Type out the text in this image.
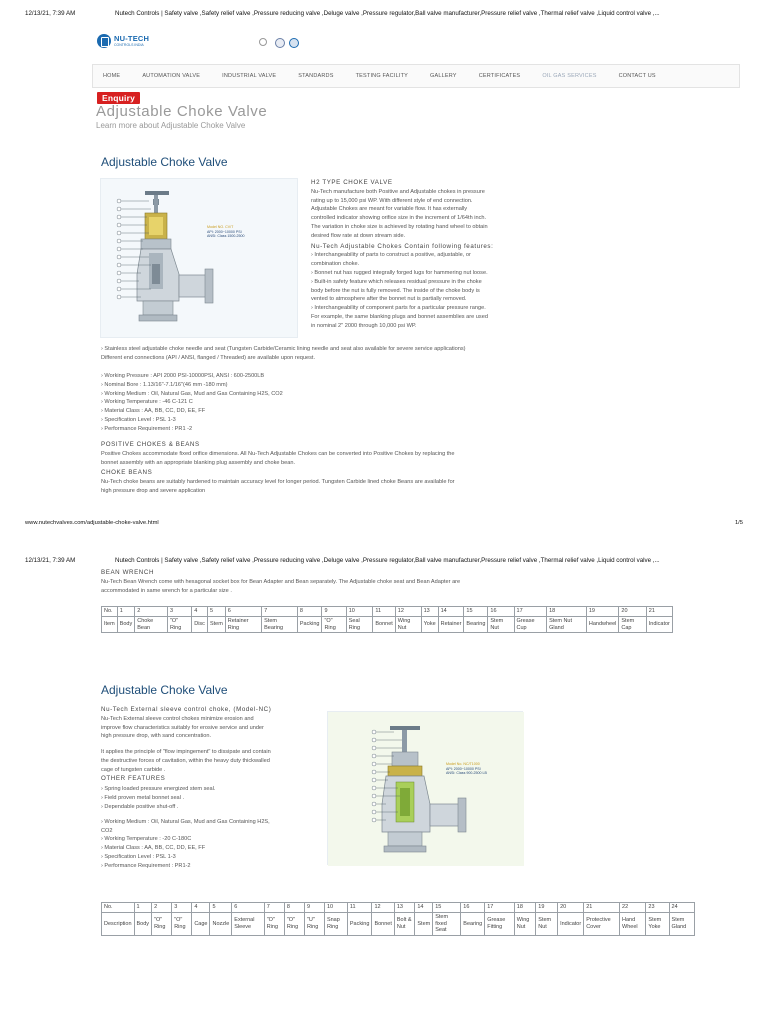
12/13/21, 7:39 AM	Nutech Controls | Safety valve ,Safety relief valve ,Pressure reducing valve ,Deluge valve ,Pressure regulator,Ball valve manufacturer,Pressure relief valve ,Thermal relief valve ,Liquid control valve ,...
NU-TECH
CONTROLS INDIA
HOME	AUTOMATION VALVE	INDUSTRIAL VALVE	STANDARDS	TESTING FACILITY	GALLERY	CERTIFICATES	OIL GAS SERVICES	CONTACT US
Enquiry
Adjustable Choke Valve
Learn more about Adjustable Choke Valve
Adjustable Choke Valve
Model NO. CV/T
API: 2000~10000 PSI
ANSI: Class 1500-2500
H2 TYPE CHOKE VALVE
Nu-Tech manufacture both Positive and Adjustable chokes in pressure
rating up to 15,000 psi WP. With different style of end connection.
Adjustable Chokes are meant for variable flow. It has externally
controlled indicator showing orifice size in the increment of 1/64th inch.
The variation in choke size is achieved by rotating hand wheel to obtain
desired flow rate at down stream side.
Nu-Tech Adjustable Chokes Contain following features:
› Interchangeability of parts to construct a positive, adjustable, or
combination choke.
› Bonnet nut has rugged integrally forged lugs for hammering nut loose.
› Built-in safety feature which releases residual pressure in the choke
body before the nut is fully removed. The inside of the choke body is
vented to atmosphere after the bonnet nut is partially removed.
› Interchangeability of component parts for a particular pressure range.
For example, the same blanking plugs and bonnet assemblies are used
in nominal 2" 2000 through 10,000 psi WP.
› Stainless steel adjustable choke needle and seat (Tungsten Carbide/Ceramic lining needle and seat also available for severe service applications)
Different end connections (API / ANSI, flanged / Threaded) are available upon request.
› Working Pressure : API 2000 PSI-10000PSI, ANSI : 600-2500LB
› Nominal Bore : 1.13/16"-7.1/16"(46 mm -180 mm)
› Working Medium : Oil, Natural Gas, Mud and Gas Containing H2S, CO2
› Working Temperature : -46 C-121 C
› Material Class : AA, BB, CC, DD, EE, FF
› Specification Level : PSL 1-3
› Performance Requirement : PR1 -2
POSITIVE CHOKES & BEANS
Positive Chokes accommodate fixed orifice dimensions. All Nu-Tech Adjustable Chokes can be converted into Positive Chokes by replacing the
bonnet assembly with an appropriate blanking plug assembly and choke bean.
CHOKE BEANS
Nu-Tech choke beans are suitably hardened to maintain accuracy level for longer period. Tungsten Carbide lined choke Beans are available for
high pressure drop and severe application
www.nutechvalves.com/adjustable-choke-valve.html	1/5
12/13/21, 7:39 AM	Nutech Controls | Safety valve ,Safety relief valve ,Pressure reducing valve ,Deluge valve ,Pressure regulator,Ball valve manufacturer,Pressure relief valve ,Thermal relief valve ,Liquid control valve ,...
BEAN WRENCH
Nu-Tech Bean Wrench come with hexagonal socket box for Bean Adapter and Bean separately. The Adjustable choke seat and Bean Adapter are
accommodated in same wrench for a particular size .
No.	1	2	3	4	5	6	7	8	9	10	11	12	13	14	15	16	17	18	19	20	21
Item	Body	Choke Bean	"O" Ring	Disc	Stem	Retainer Ring	Stem Bearing	Packing	"O" Ring	Seal Ring	Bonnet	Wing Nut	Yoke	Retainer	Bearing	Stem Nut	Grease Cup	Stem Nut Gland	Handwheel	Stem Cap	Indicator
Adjustable Choke Valve
Nu-Tech External sleeve control choke, (Model-NC)
Nu-Tech External sleeve control chokes minimize erosion and
improve flow characteristics suitably for erosive service and under
high pressure drop, with sand concentration.
It applies the principle of "flow impingement" to dissipate and contain
the destructive forces of cavitation, within the heavy duty thickwalled
cage of tungsten carbide .
OTHER FEATURES
› Spring loaded pressure energized stem seal.
› Field proven metal bonnet seal .
› Dependable positive shut-off .
› Working Medium : Oil, Natural Gas, Mud and Gas Containing H2S,
CO2
› Working Temperature : -20 C-180C
› Material Class : AA, BB, CC, DD, EE, FF
› Specification Level : PSL 1-3
› Performance Requirement : PR1-2
Model No. NC/T1000
API: 2000~10000 PSI
ANSI: Class 900-2500 LB
No.	1	2	3	4	5	6	7	8	9	10	11	12	13	14	15	16	17	18	19	20	21	22	23	24
Description	Body	"O" Ring	"O" Ring	Cage	Nozzle	External Sleeve	"O" Ring	"O" Ring	"U" Ring	Snap Ring	Packing	Bonnet	Bolt & Nut	Stem	Stem fixed Seat	Bearing	Grease Fitting	Wing Nut	Stem Nut	Indicator	Protective Cover	Hand Wheel	Stem Yoke	Stem Gland
